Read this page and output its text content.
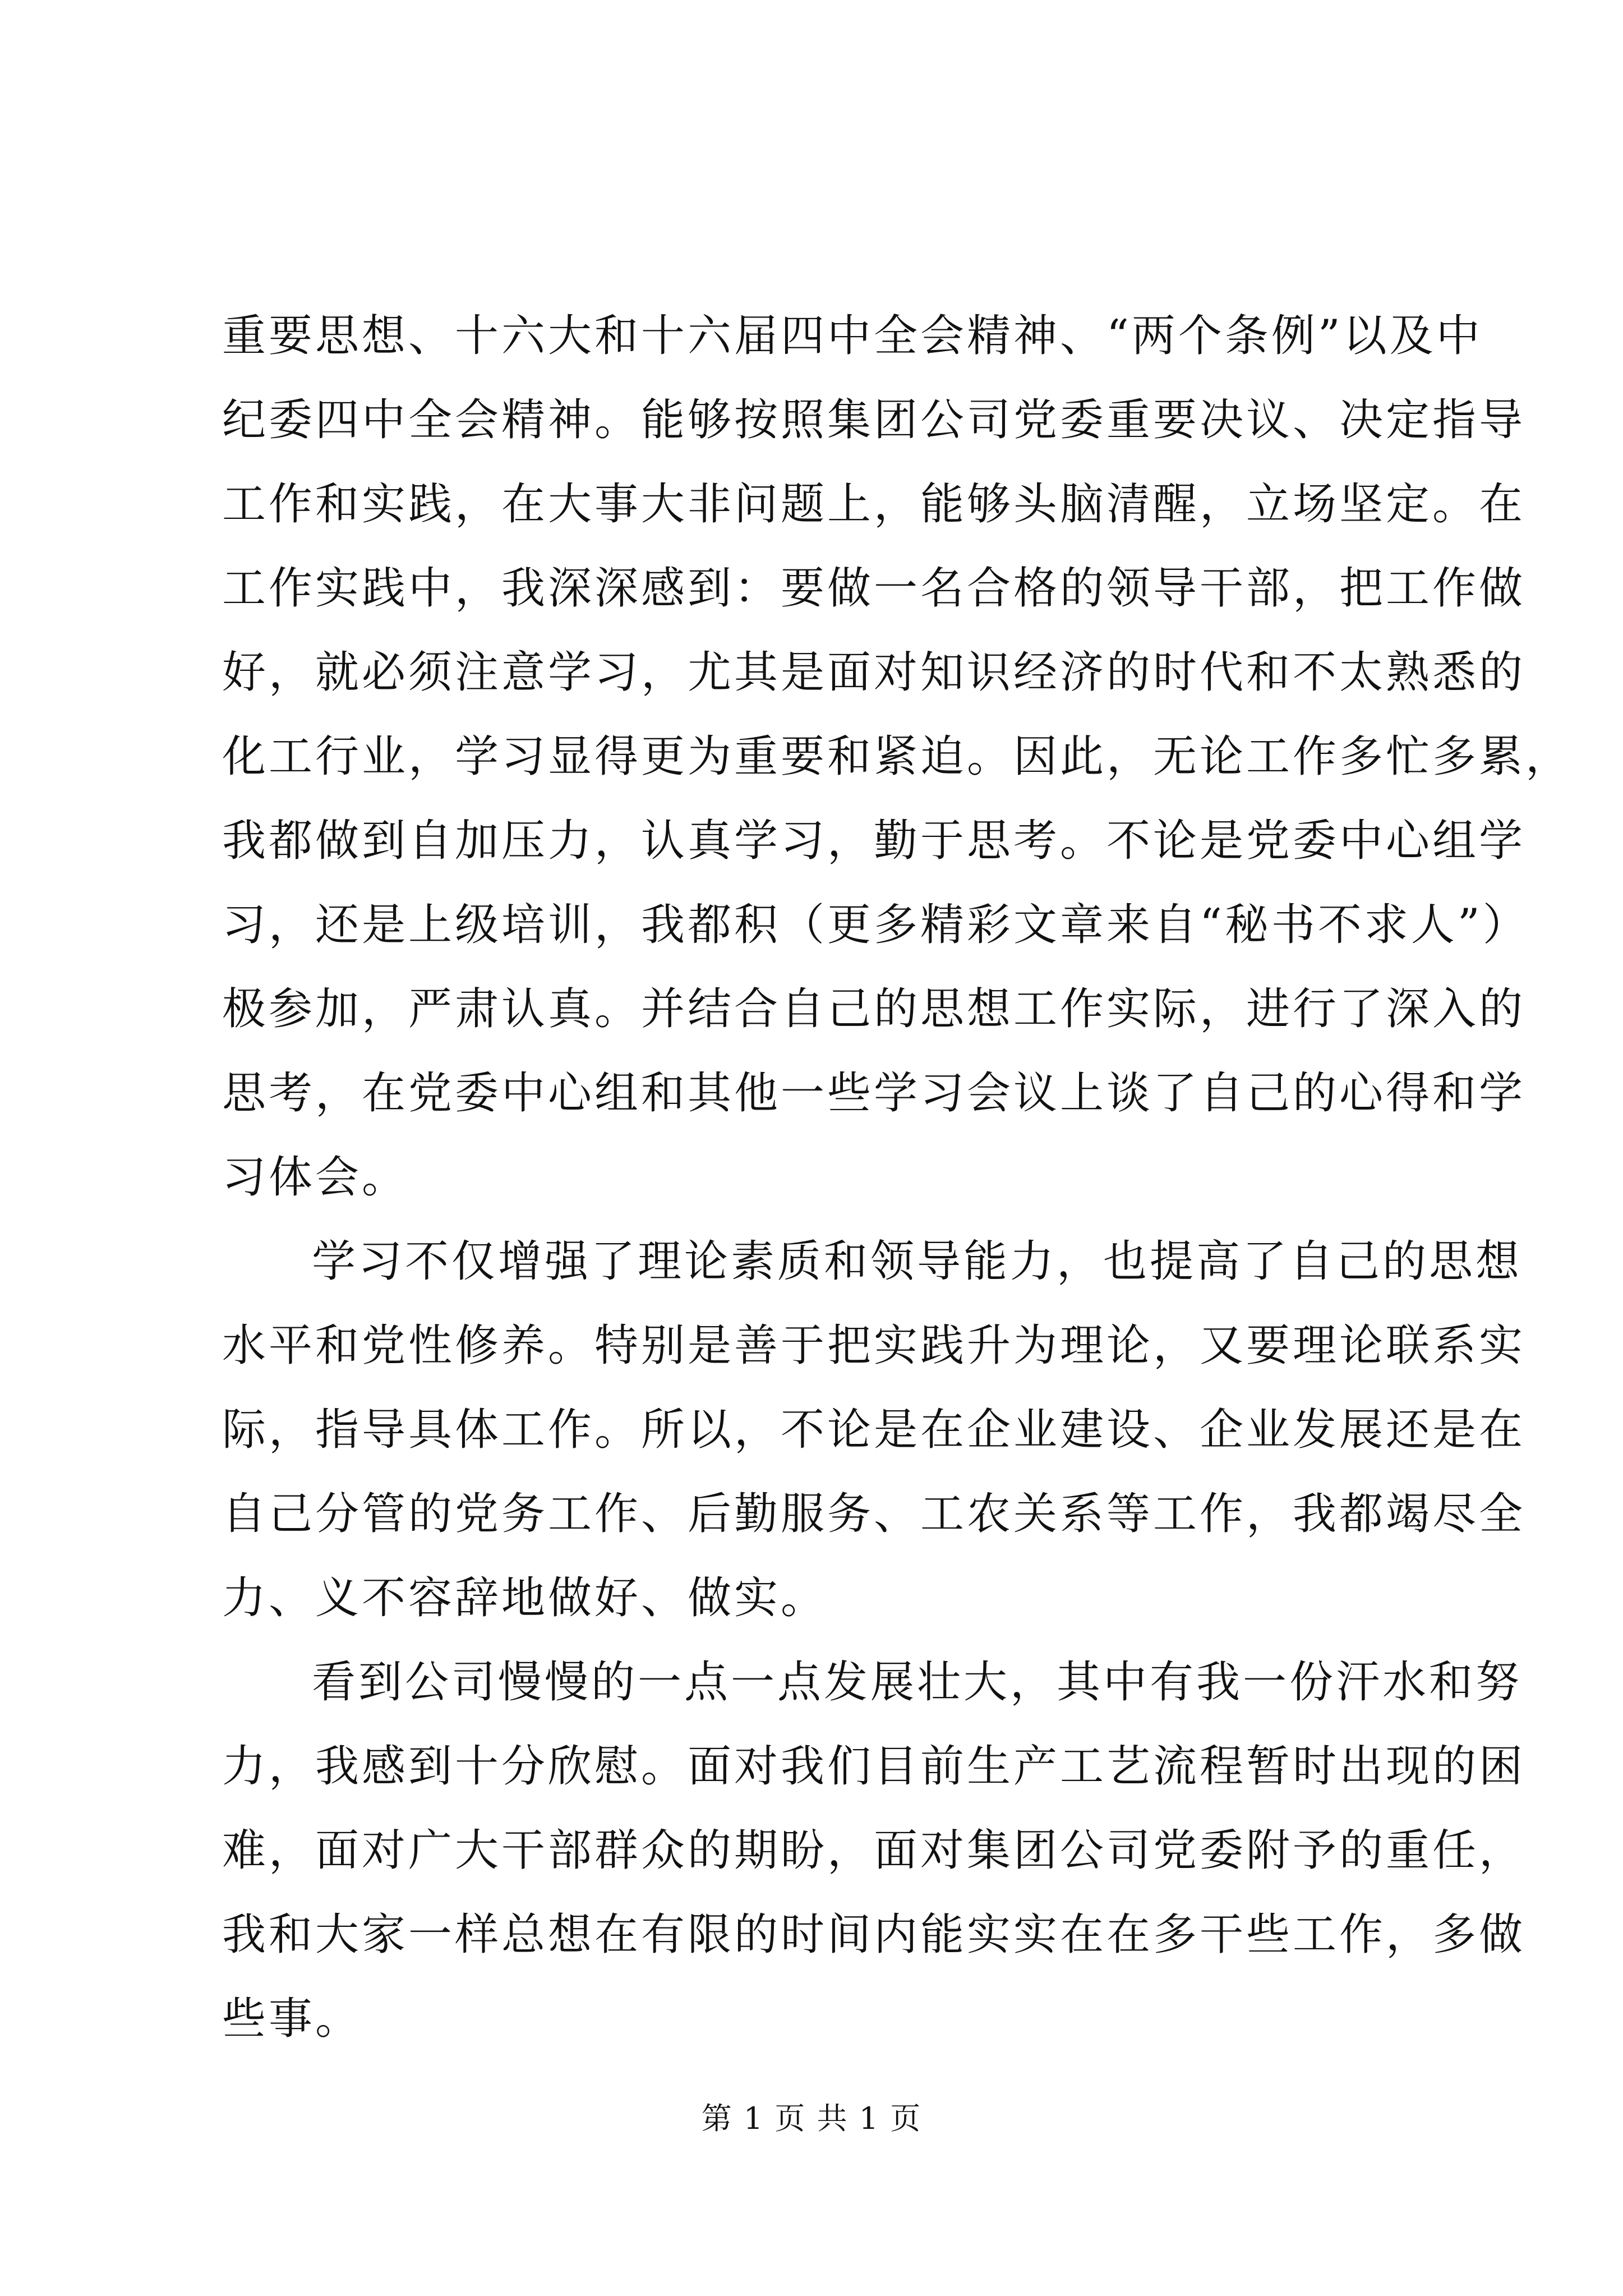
重要思想、十六大和十六届四中全会精神、“两个条例”以及中
纪委四中全会精神。能够按照集团公司党委重要决议、决定指导
工作和实践，在大事大非问题上，能够头脑清醒，立场坚定。在
工作实践中，我深深感到：要做一名合格的领导干部，把工作做
好，就必须注意学习，尤其是面对知识经济的时代和不太熟悉的
化工行业，学习显得更为重要和紧迫。因此，无论工作多忙多累，
我都做到自加压力，认真学习，勤于思考。不论是党委中心组学
习，还是上级培训，我都积（更多精彩文章来自“秘书不求人”）
极参加，严肃认真。并结合自己的思想工作实际，进行了深入的
思考，在党委中心组和其他一些学习会议上谈了自己的心得和学
习体会。
学习不仅增强了理论素质和领导能力，也提高了自己的思想
水平和党性修养。特别是善于把实践升为理论，又要理论联系实
际，指导具体工作。所以，不论是在企业建设、企业发展还是在
自己分管的党务工作、后勤服务、工农关系等工作，我都竭尽全
力、义不容辞地做好、做实。
看到公司慢慢的一点一点发展壮大，其中有我一份汗水和努
力，我感到十分欣慰。面对我们目前生产工艺流程暂时出现的困
难，面对广大干部群众的期盼，面对集团公司党委附予的重任，
我和大家一样总想在有限的时间内能实实在在多干些工作，多做
些事。
第 1 页 共 1 页
